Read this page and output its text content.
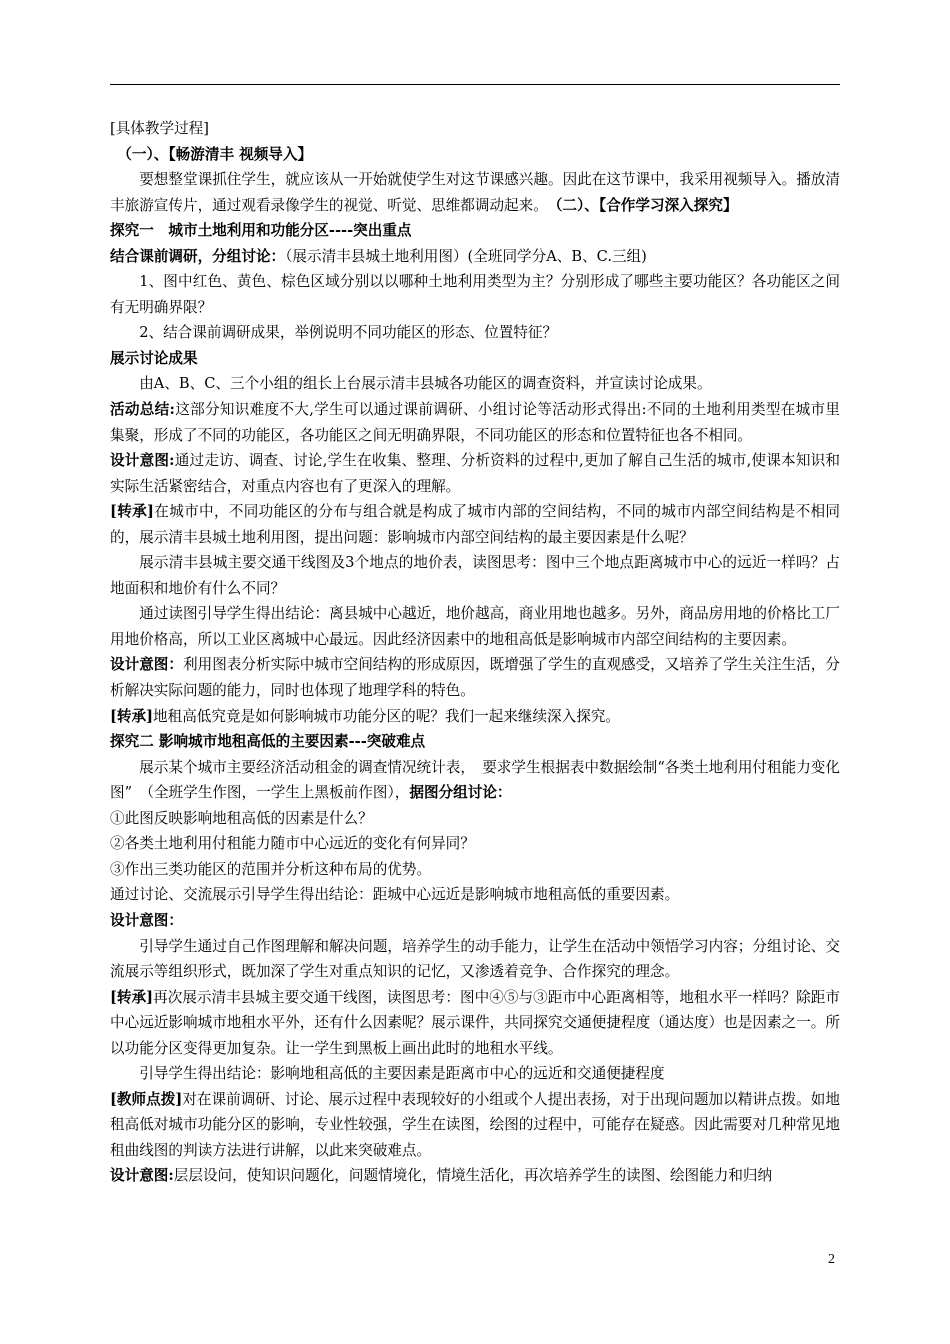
[具体教学过程]

（一）、【畅游清丰 视频导入】

要想整堂课抓住学生，就应该从一开始就使学生对这节课感兴趣。因此在这节课中，我采用视频导入。播放清丰旅游宣传片，通过观看录像学生的视觉、听觉、思维都调动起来。　 （二）、【合作学习深入探究】

探究一　城市土地利用和功能分区----突出重点

结合课前调研，分组讨论：（展示清丰县城土地利用图）(全班同学分A、B、C.三组)

1、图中红色、黄色、棕色区域分别以以哪种土地利用类型为主？分别形成了哪些主要功能区？各功能区之间有无明确界限？

2、结合课前调研成果，举例说明不同功能区的形态、位置特征？

展示讨论成果

由A、B、C、三个小组的组长上台展示清丰县城各功能区的调查资料，并宣读讨论成果。

活动总结:这部分知识难度不大,学生可以通过课前调研、小组讨论等活动形式得出:不同的土地利用类型在城市里集聚，形成了不同的功能区，各功能区之间无明确界限，不同功能区的形态和位置特征也各不相同。

设计意图:通过走访、调查、讨论,学生在收集、整理、分析资料的过程中,更加了解自己生活的城市,使课本知识和实际生活紧密结合，对重点内容也有了更深入的理解。

[转承]在城市中，不同功能区的分布与组合就是构成了城市内部的空间结构，不同的城市内部空间结构是不相同的，展示清丰县城土地利用图，提出问题：影响城市内部空间结构的最主要因素是什么呢？

展示清丰县城主要交通干线图及3个地点的地价表，读图思考：图中三个地点距离城市中心的远近一样吗？占地面积和地价有什么不同？

通过读图引导学生得出结论：离县城中心越近，地价越高，商业用地也越多。另外，商品房用地的价格比工厂用地价格高，所以工业区离城中心最远。因此经济因素中的地租高低是影响城市内部空间结构的主要因素。

设计意图：利用图表分析实际中城市空间结构的形成原因，既增强了学生的直观感受，又培养了学生关注生活，分析解决实际问题的能力，同时也体现了地理学科的特色。

[转承]地租高低究竟是如何影响城市功能分区的呢？我们一起来继续深入探究。

探究二 影响城市地租高低的主要因素---突破难点

展示某个城市主要经济活动租金的调查情况统计表，　要求学生根据表中数据绘制“各类土地利用付租能力变化图”　（全班学生作图，一学生上黑板前作图），据图分组讨论：

①此图反映影响地租高低的因素是什么？

②各类土地利用付租能力随市中心远近的变化有何异同？

③作出三类功能区的范围并分析这种布局的优势。

通过讨论、交流展示引导学生得出结论：距城中心远近是影响城市地租高低的重要因素。

设计意图：

引导学生通过自己作图理解和解决问题，培养学生的动手能力，让学生在活动中领悟学习内容；分组讨论、交流展示等组织形式，既加深了学生对重点知识的记忆，又渗透着竞争、合作探究的理念。

[转承]再次展示清丰县城主要交通干线图，读图思考：图中④⑤与③距市中心距离相等，地租水平一样吗？除距市中心远近影响城市地租水平外，还有什么因素呢？展示课件，共同探究交通便捷程度（通达度）也是因素之一。所以功能分区变得更加复杂。让一学生到黑板上画出此时的地租水平线。

引导学生得出结论：影响地租高低的主要因素是距离市中心的远近和交通便捷程度

[教师点拨]对在课前调研、讨论、展示过程中表现较好的小组或个人提出表扬，对于出现问题加以精讲点拨。如地租高低对城市功能分区的影响，专业性较强，学生在读图，绘图的过程中，可能存在疑惑。因此需要对几种常见地租曲线图的判读方法进行讲解，以此来突破难点。

设计意图:层层设问，使知识问题化，问题情境化，情境生活化，再次培养学生的读图、绘图能力和归纳

2
